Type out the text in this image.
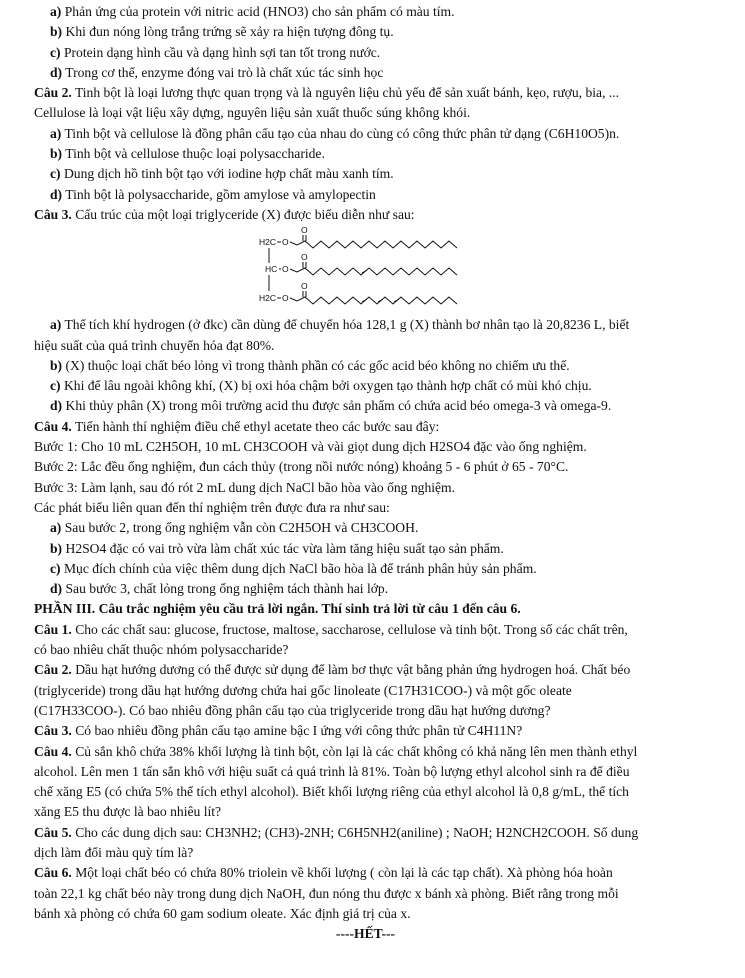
a) Phản ứng của protein với nitric acid (HNO3) cho sản phẩm có màu tím.
b) Khi đun nóng lòng trắng trứng sẽ xảy ra hiện tượng đông tụ.
c) Protein dạng hình cầu và dạng hình sợi tan tốt trong nước.
d) Trong cơ thể, enzyme đóng vai trò là chất xúc tác sinh học
Câu 2. Tinh bột là loại lương thực quan trọng và là nguyên liệu chủ yếu để sản xuất bánh, kẹo, rượu, bia, ...
Cellulose là loại vật liệu xây dựng, nguyên liệu sản xuất thuốc súng không khói.
a) Tinh bột và cellulose là đồng phân cấu tạo của nhau do cùng có công thức phân tử dạng (C6H10O5)n.
b) Tinh bột và cellulose thuộc loại polysaccharide.
c) Dung dịch hồ tinh bột tạo với iodine hợp chất màu xanh tím.
d) Tinh bột là polysaccharide, gồm amylose và amylopectin
Câu 3. Cấu trúc của một loại triglyceride (X) được biểu diễn như sau:
H2C
HC
H2C
O
O
O
O
O
O
a) Thể tích khí hydrogen (ở đkc) cần dùng để chuyển hóa 128,1 g (X) thành bơ nhân tạo là 20,8236 L, biết
hiệu suất của quá trình chuyển hóa đạt 80%.
b) (X) thuộc loại chất béo lỏng vì trong thành phần có các gốc acid béo không no chiếm ưu thế.
c) Khi để lâu ngoài không khí, (X) bị oxi hóa chậm bởi oxygen tạo thành hợp chất có mùi khó chịu.
d) Khi thủy phân (X) trong môi trường acid thu được sản phẩm có chứa acid béo omega-3 và omega-9.
Câu 4. Tiến hành thí nghiệm điều chế ethyl acetate theo các bước sau đây:
Bước 1: Cho 10 mL C2H5OH, 10 mL CH3COOH và vài giọt dung dịch H2SO4 đặc vào ống nghiệm.
Bước 2: Lắc đều ống nghiệm, đun cách thủy (trong nồi nước nóng) khoảng 5 - 6 phút ở 65 - 70°C.
Bước 3: Làm lạnh, sau đó rót 2 mL dung dịch NaCl bão hòa vào ống nghiệm.
Các phát biểu liên quan đến thí nghiệm trên được đưa ra như sau:
a) Sau bước 2, trong ống nghiệm vẫn còn C2H5OH và CH3COOH.
b) H2SO4 đặc có vai trò vừa làm chất xúc tác vừa làm tăng hiệu suất tạo sản phẩm.
c) Mục đích chính của việc thêm dung dịch NaCl bão hòa là để tránh phân hủy sản phẩm.
d) Sau bước 3, chất lỏng trong ống nghiệm tách thành hai lớp.
PHẦN III. Câu trắc nghiệm yêu cầu trả lời ngắn. Thí sinh trả lời từ câu 1 đến câu 6.
Câu 1. Cho các chất sau: glucose, fructose, maltose, saccharose, cellulose và tinh bột. Trong số các chất trên,
có bao nhiêu chất thuộc nhóm polysaccharide?
Câu 2. Dầu hạt hướng dương có thể được sử dụng để làm bơ thực vật bằng phản ứng hydrogen hoá. Chất béo
(triglyceride) trong dầu hạt hướng dương chứa hai gốc linoleate (C17H31COO-) và một gốc oleate
(C17H33COO-). Có bao nhiêu đồng phân cấu tạo của triglyceride trong dầu hạt hướng dương?
Câu 3. Có bao nhiêu đồng phân cấu tạo amine bậc I ứng với công thức phân tử C4H11N?
Câu 4. Củ sắn khô chứa 38% khối lượng là tinh bột, còn lại là các chất không có khả năng lên men thành ethyl
alcohol. Lên men 1 tấn sắn khô với hiệu suất cả quá trình là 81%. Toàn bộ lượng ethyl alcohol sinh ra để điều
chế xăng E5 (có chứa 5% thể tích ethyl alcohol). Biết khối lượng riêng của ethyl alcohol là 0,8 g/mL, thể tích
xăng E5 thu được là bao nhiêu lít?
Câu 5. Cho các dung dịch sau: CH3NH2; (CH3)-2NH; C6H5NH2(aniline) ; NaOH; H2NCH2COOH. Số dung
dịch làm đổi màu quỳ tím là?
Câu 6. Một loại chất béo có chứa 80% triolein về khối lượng ( còn lại là các tạp chất). Xà phòng hóa hoàn
toàn 22,1 kg chất béo này trong dung dịch NaOH, đun nóng thu được x bánh xà phòng. Biết rằng trong mỗi
bánh xà phòng có chứa 60 gam sodium oleate. Xác định giá trị của x.
----HẾT---
